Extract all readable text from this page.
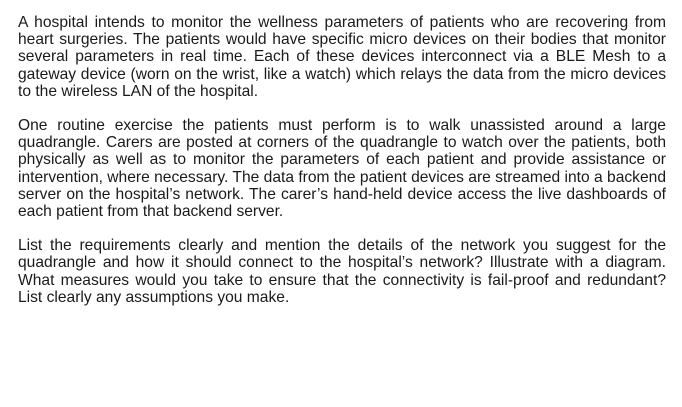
A hospital intends to monitor the wellness parameters of patients who are recovering from heart surgeries. The patients would have specific micro devices on their bodies that monitor several parameters in real time. Each of these devices interconnect via a BLE Mesh to a gateway device (worn on the wrist, like a watch) which relays the data from the micro devices to the wireless LAN of the hospital.

One routine exercise the patients must perform is to walk unassisted around a large quadrangle. Carers are posted at corners of the quadrangle to watch over the patients, both physically as well as to monitor the parameters of each patient and provide assistance or intervention, where necessary. The data from the patient devices are streamed into a backend server on the hospital’s network. The carer’s hand-held device access the live dashboards of each patient from that backend server.

List the requirements clearly and mention the details of the network you suggest for the quadrangle and how it should connect to the hospital’s network? Illustrate with a diagram. What measures would you take to ensure that the connectivity is fail-proof and redundant? List clearly any assumptions you make.
